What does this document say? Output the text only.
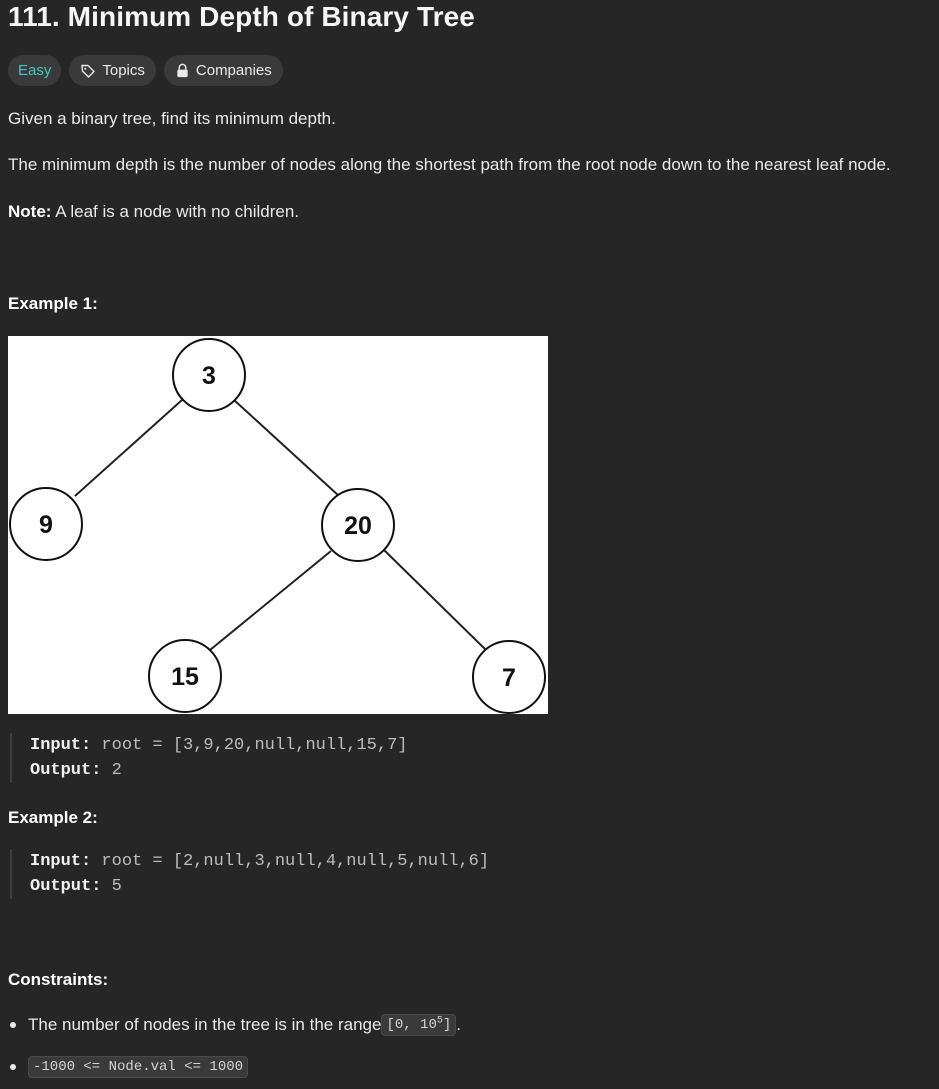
111. Minimum Depth of Binary Tree
Easy	Topics	Companies
Given a binary tree, find its minimum depth.
The minimum depth is the number of nodes along the shortest path from the root node down to the nearest leaf node.
Note: A leaf is a node with no children.
Example 1:
3
9	20
15	7
Input: root = [3,9,20,null,null,15,7]
Output: 2
Example 2:
Input: root = [2,null,3,null,4,null,5,null,6]
Output: 5
Constraints:
The number of nodes in the tree is in the range [0, $10^5$] .
-1000 <= Node.val <= 1000
